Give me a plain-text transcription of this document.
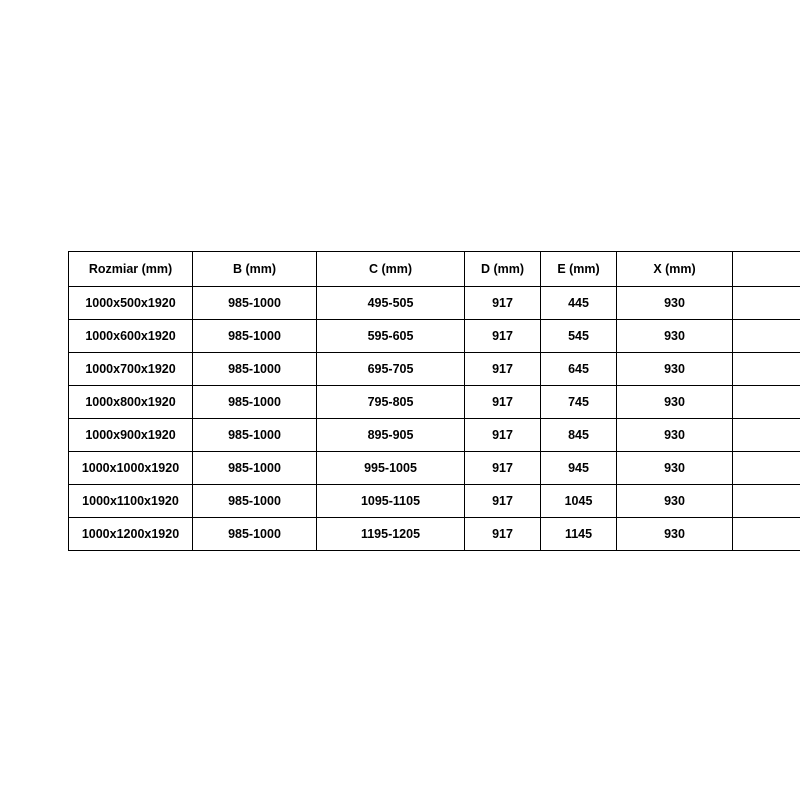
Rozmiar (mm)	B (mm)	C (mm)	D (mm)	E (mm)	X (mm)	
1000x500x1920	985-1000	495-505	917	445	930	
1000x600x1920	985-1000	595-605	917	545	930	
1000x700x1920	985-1000	695-705	917	645	930	
1000x800x1920	985-1000	795-805	917	745	930	
1000x900x1920	985-1000	895-905	917	845	930	
1000x1000x1920	985-1000	995-1005	917	945	930	
1000x1100x1920	985-1000	1095-1105	917	1045	930	
1000x1200x1920	985-1000	1195-1205	917	1145	930	
